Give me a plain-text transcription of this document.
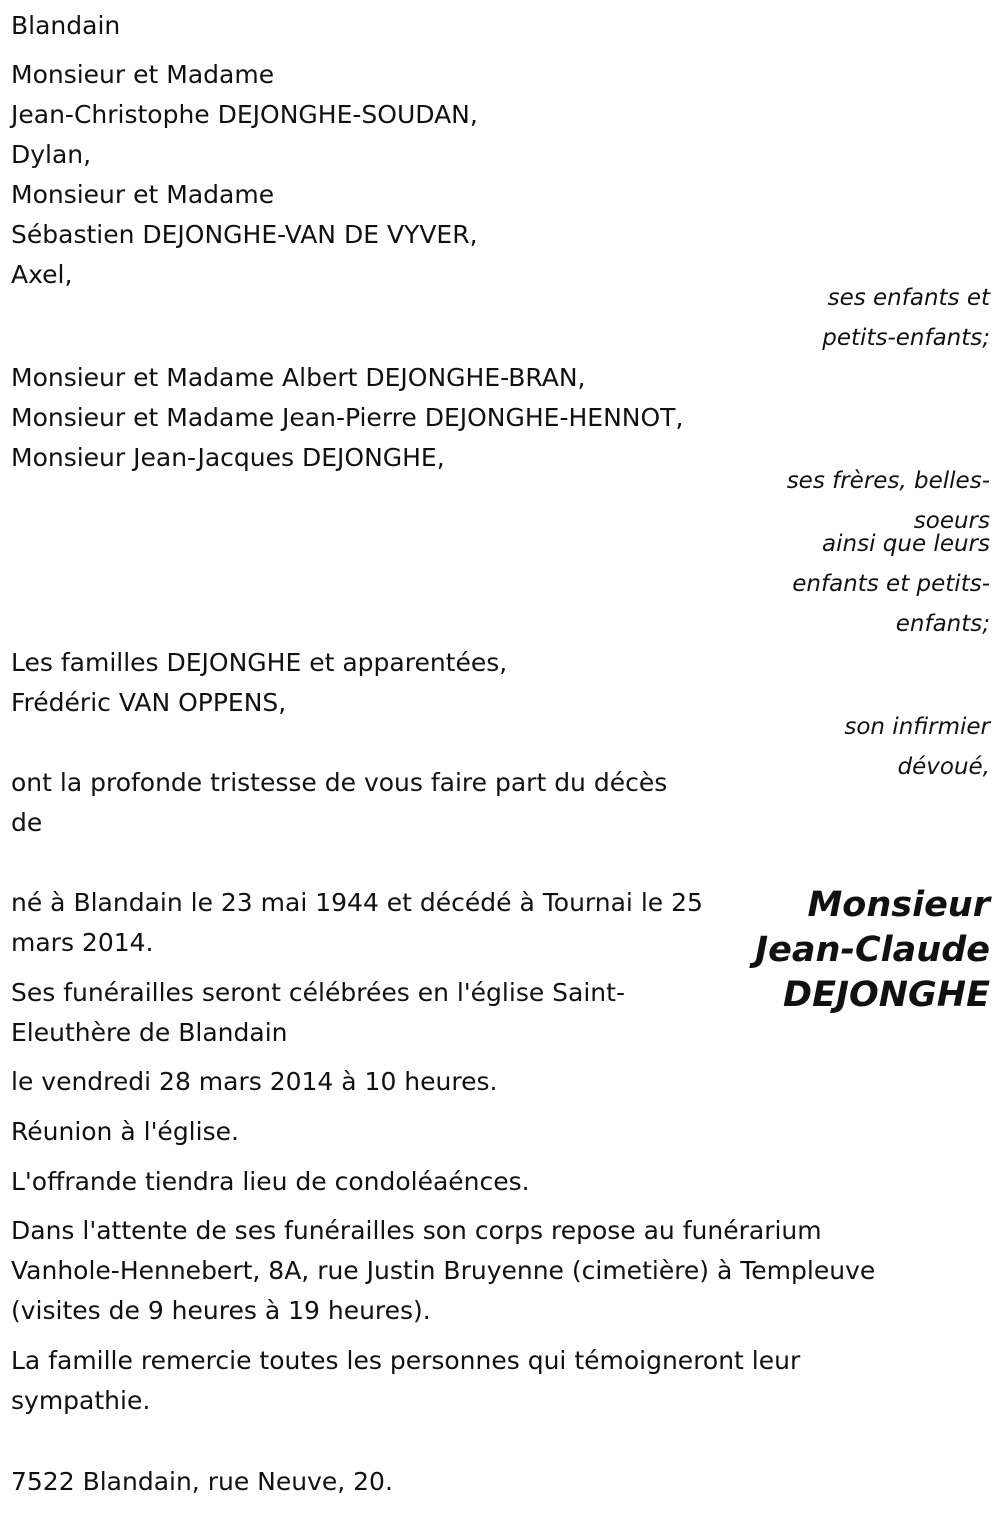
Blandain
Monsieur et Madame
Jean-Christophe DEJONGHE-SOUDAN,
Dylan,
Monsieur et Madame
Sébastien DEJONGHE-VAN DE VYVER,
Axel,
ses enfants et
petits-enfants;
Monsieur et Madame Albert DEJONGHE-BRAN,
Monsieur et Madame Jean-Pierre DEJONGHE-HENNOT,
Monsieur Jean-Jacques DEJONGHE,
ses frères, belles-
soeurs
ainsi que leurs
enfants et petits-
enfants;
Les familles DEJONGHE et apparentées,
Frédéric VAN OPPENS,
son infirmier
dévoué,
ont la profonde tristesse de vous faire part du décès
de
Monsieur
Jean-Claude
DEJONGHE
né à Blandain le 23 mai 1944 et décédé à Tournai le 25
mars 2014.
Ses funérailles seront célébrées en l'église Saint-
Eleuthère de Blandain
le vendredi 28 mars 2014 à 10 heures.
Réunion à l'église.
L'offrande tiendra lieu de condoléaénces.
Dans l'attente de ses funérailles son corps repose au funérarium
Vanhole-Hennebert, 8A, rue Justin Bruyenne (cimetière) à Templeuve
(visites de 9 heures à 19 heures).
La famille remercie toutes les personnes qui témoigneront leur
sympathie.
7522 Blandain, rue Neuve, 20.
